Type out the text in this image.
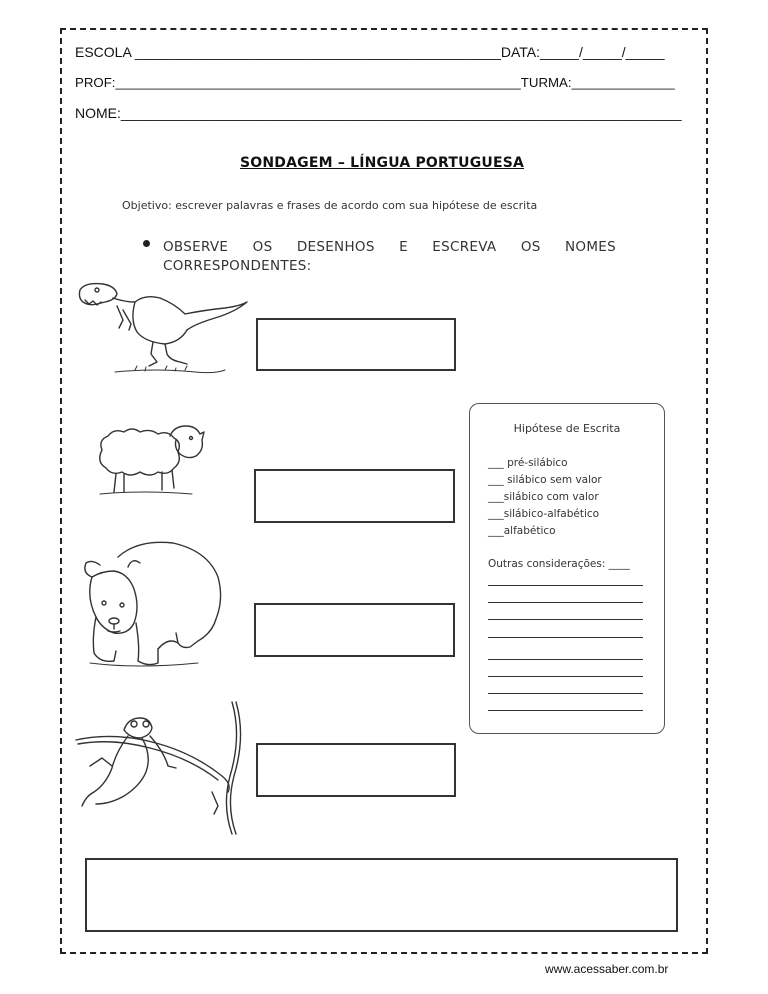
ESCOLA _______________________________________________DATA:_____/_____/_____
PROF:_______________________________________________________TURMA:______________
NOME:________________________________________________________________________
SONDAGEM – LÍNGUA PORTUGUESA
Objetivo: escrever palavras e frases de acordo com sua hipótese de escrita
OBSERVE OS DESENHOS E ESCREVA OS NOMES
CORRESPONDENTES:
Hipótese de Escrita
___ pré-silábico
___ silábico sem valor
___silábico com valor
___silábico-alfabético
___alfabético
Outras considerações: ____
www.acessaber.com.br
